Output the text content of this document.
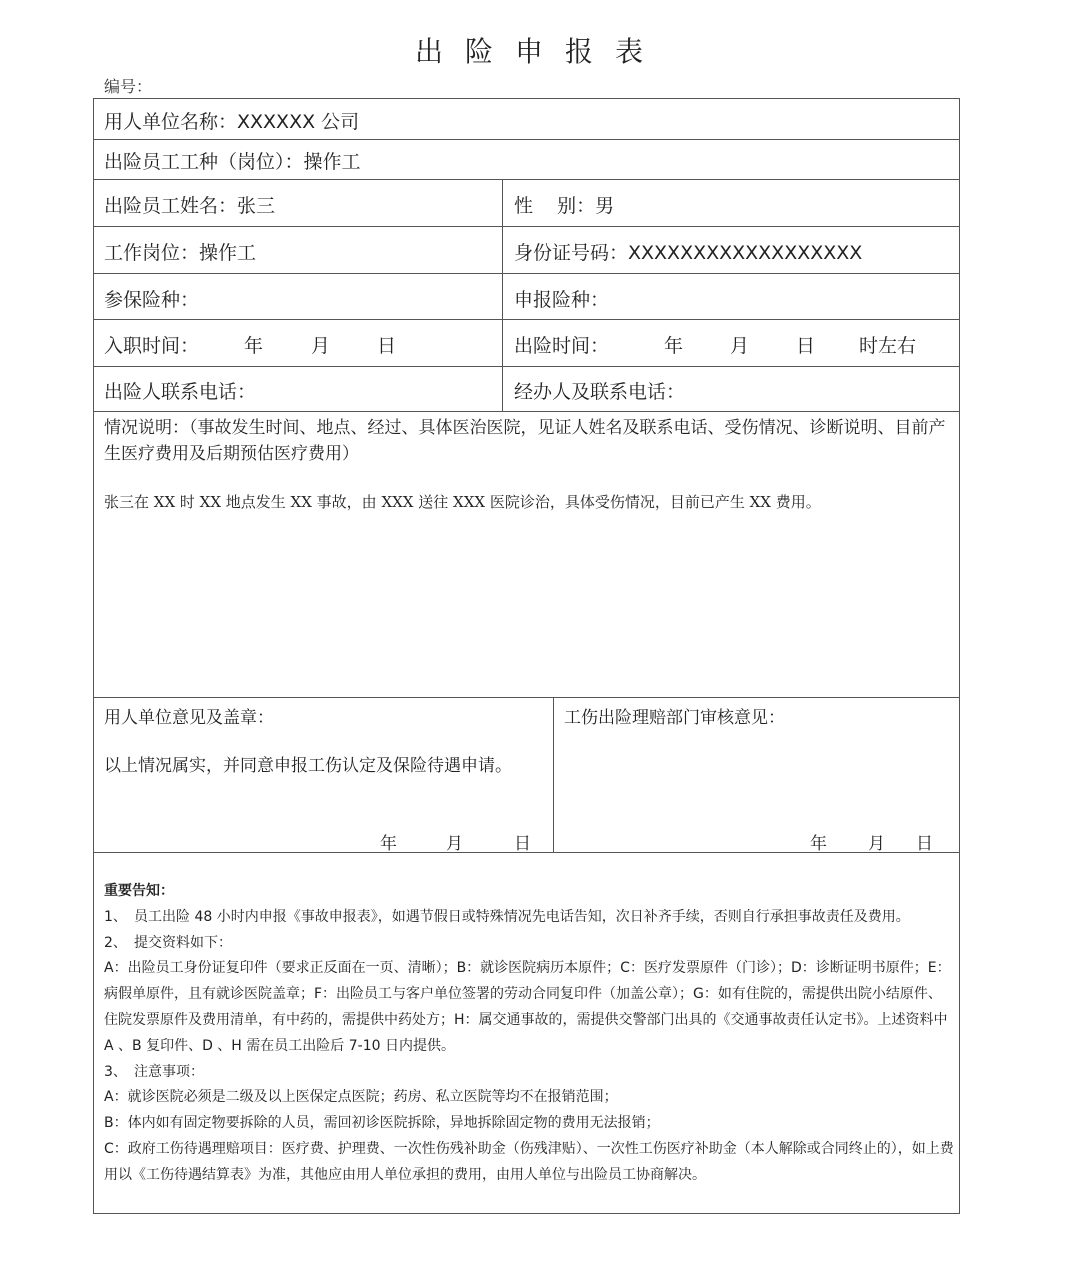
出险申报表
编号：
用人单位名称：XXXXXX 公司
出险员工工种（岗位）：操作工
出险员工姓名：张三	性    别：男
工作岗位：操作工	身份证号码：XXXXXXXXXXXXXXXXXX
参保险种：	申报险种：
入职时间： 年	月 日	出险时间：	年 月 日 时左右
出险人联系电话：	经办人及联系电话：
情况说明：（事故发生时间、地点、经过、具体医治医院，见证人姓名及联系电话、受伤情况、诊断说明、目前产生医疗费用及后期预估医疗费用）
张三在 XX 时 XX 地点发生 XX 事故，由 XXX 送往 XXX 医院诊治，具体受伤情况，目前已产生 XX 费用。
用人单位意见及盖章：
以上情况属实，并同意申报工伤认定及保险待遇申请。
年	月	日
工伤出险理赔部门审核意见：
年 月 日
重要告知：
1、 员工出险 48 小时内申报《事故申报表》，如遇节假日或特殊情况先电话告知，次日补齐手续，否则自行承担事故责任及费用。
2、 提交资料如下：
A：出险员工身份证复印件（要求正反面在一页、清晰）；B：就诊医院病历本原件；C：医疗发票原件（门诊）；D：诊断证明书原件；E：病假单原件，且有就诊医院盖章；F：出险员工与客户单位签署的劳动合同复印件（加盖公章）；G：如有住院的，需提供出院小结原件、住院发票原件及费用清单，有中药的，需提供中药处方；H：属交通事故的，需提供交警部门出具的《交通事故责任认定书》。上述资料中 A 、B 复印件、D 、H 需在员工出险后 7-10 日内提供。
3、 注意事项：
A：就诊医院必须是二级及以上医保定点医院；药房、私立医院等均不在报销范围；
B：体内如有固定物要拆除的人员，需回初诊医院拆除，异地拆除固定物的费用无法报销；
C：政府工伤待遇理赔项目：医疗费、护理费、一次性伤残补助金（伤残津贴）、一次性工伤医疗补助金（本人解除或合同终止的），如上费用以《工伤待遇结算表》为准，其他应由用人单位承担的费用，由用人单位与出险员工协商解决。
